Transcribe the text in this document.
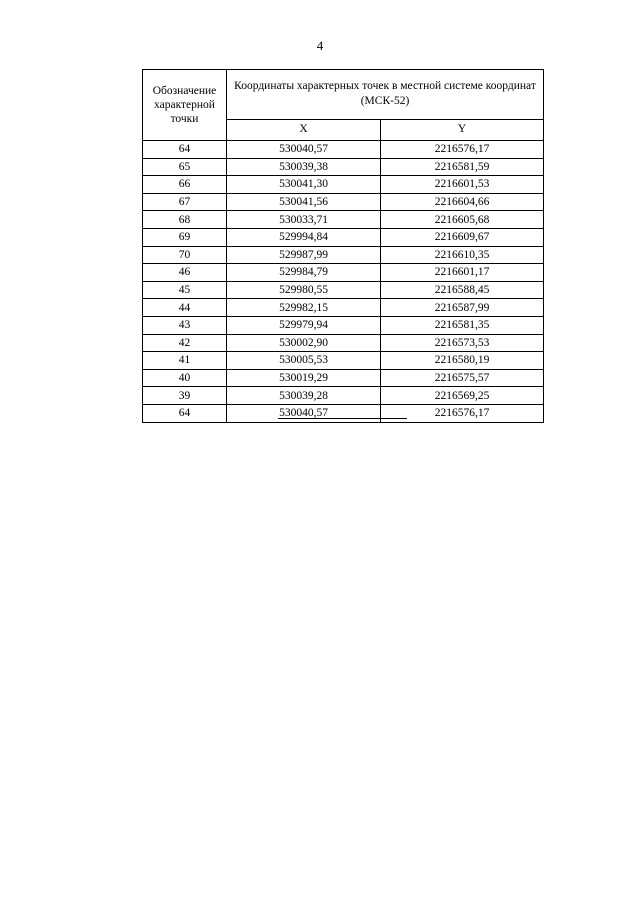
4
Обозначение характерной точки	Координаты характерных точек в местной системе координат (МСК-52)	
	X	Y
64	530040,57	2216576,17
65	530039,38	2216581,59
66	530041,30	2216601,53
67	530041,56	2216604,66
68	530033,71	2216605,68
69	529994,84	2216609,67
70	529987,99	2216610,35
46	529984,79	2216601,17
45	529980,55	2216588,45
44	529982,15	2216587,99
43	529979,94	2216581,35
42	530002,90	2216573,53
41	530005,53	2216580,19
40	530019,29	2216575,57
39	530039,28	2216569,25
64	530040,57	2216576,17
